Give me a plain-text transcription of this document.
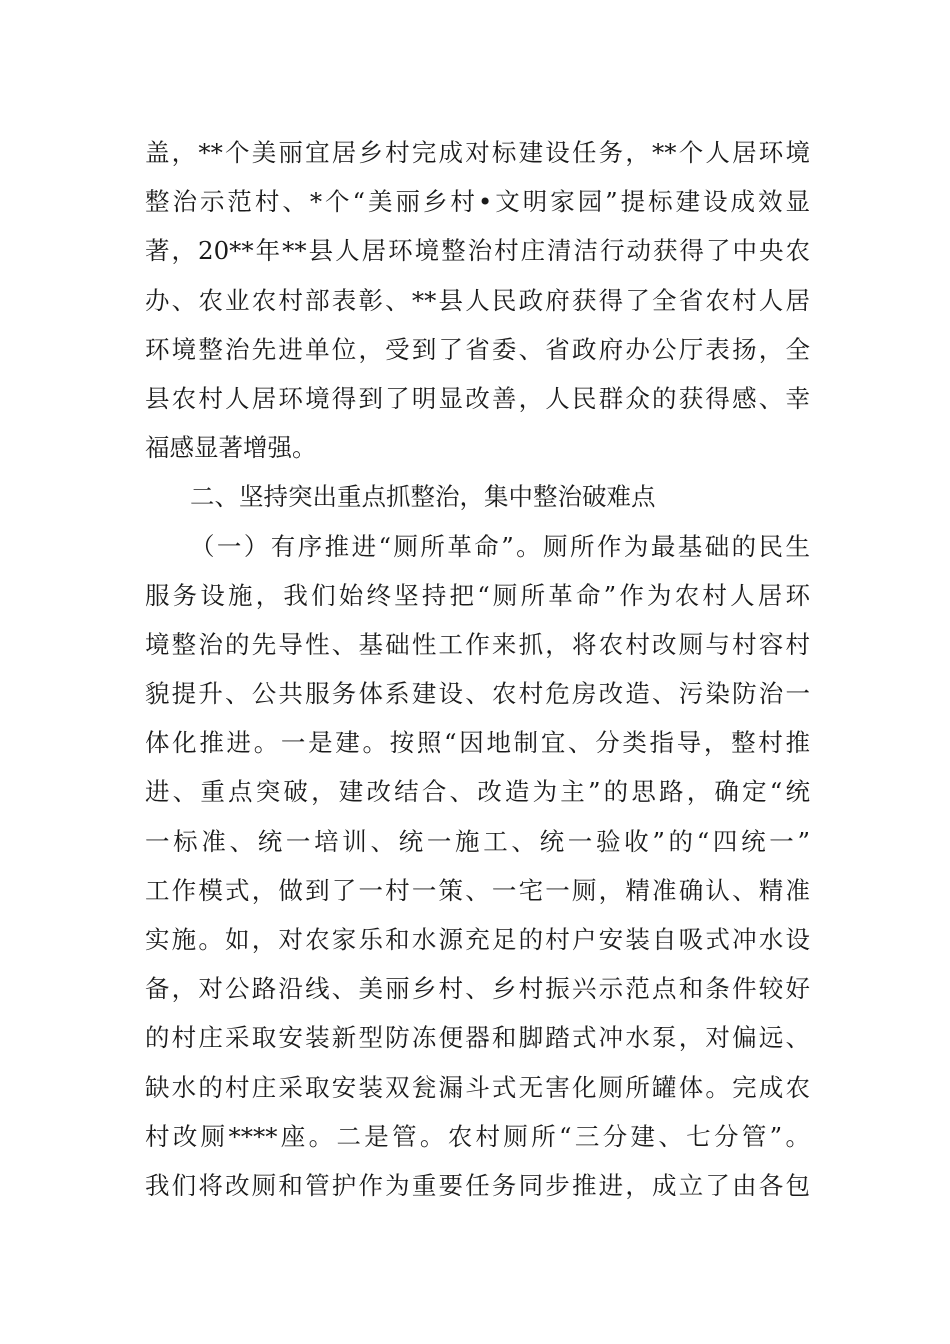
盖，**个美丽宜居乡村完成对标建设任务，**个人居环境
整治示范村、*个“美丽乡村•文明家园”提标建设成效显
著，20**年**县人居环境整治村庄清洁行动获得了中央农
办、农业农村部表彰、**县人民政府获得了全省农村人居
环境整治先进单位，受到了省委、省政府办公厅表扬，全
县农村人居环境得到了明显改善，人民群众的获得感、幸
福感显著增强。
二、坚持突出重点抓整治，集中整治破难点
（一）有序推进“厕所革命”。厕所作为最基础的民生
服务设施，我们始终坚持把“厕所革命”作为农村人居环
境整治的先导性、基础性工作来抓，将农村改厕与村容村
貌提升、公共服务体系建设、农村危房改造、污染防治一
体化推进。一是建。按照“因地制宜、分类指导，整村推
进、重点突破，建改结合、改造为主”的思路，确定“统
一标准、统一培训、统一施工、统一验收”的“四统一”
工作模式，做到了一村一策、一宅一厕，精准确认、精准
实施。如，对农家乐和水源充足的村户安装自吸式冲水设
备，对公路沿线、美丽乡村、乡村振兴示范点和条件较好
的村庄采取安装新型防冻便器和脚踏式冲水泵，对偏远、
缺水的村庄采取安装双瓮漏斗式无害化厕所罐体。完成农
村改厕****座。二是管。农村厕所“三分建、七分管”。
我们将改厕和管护作为重要任务同步推进，成立了由各包
